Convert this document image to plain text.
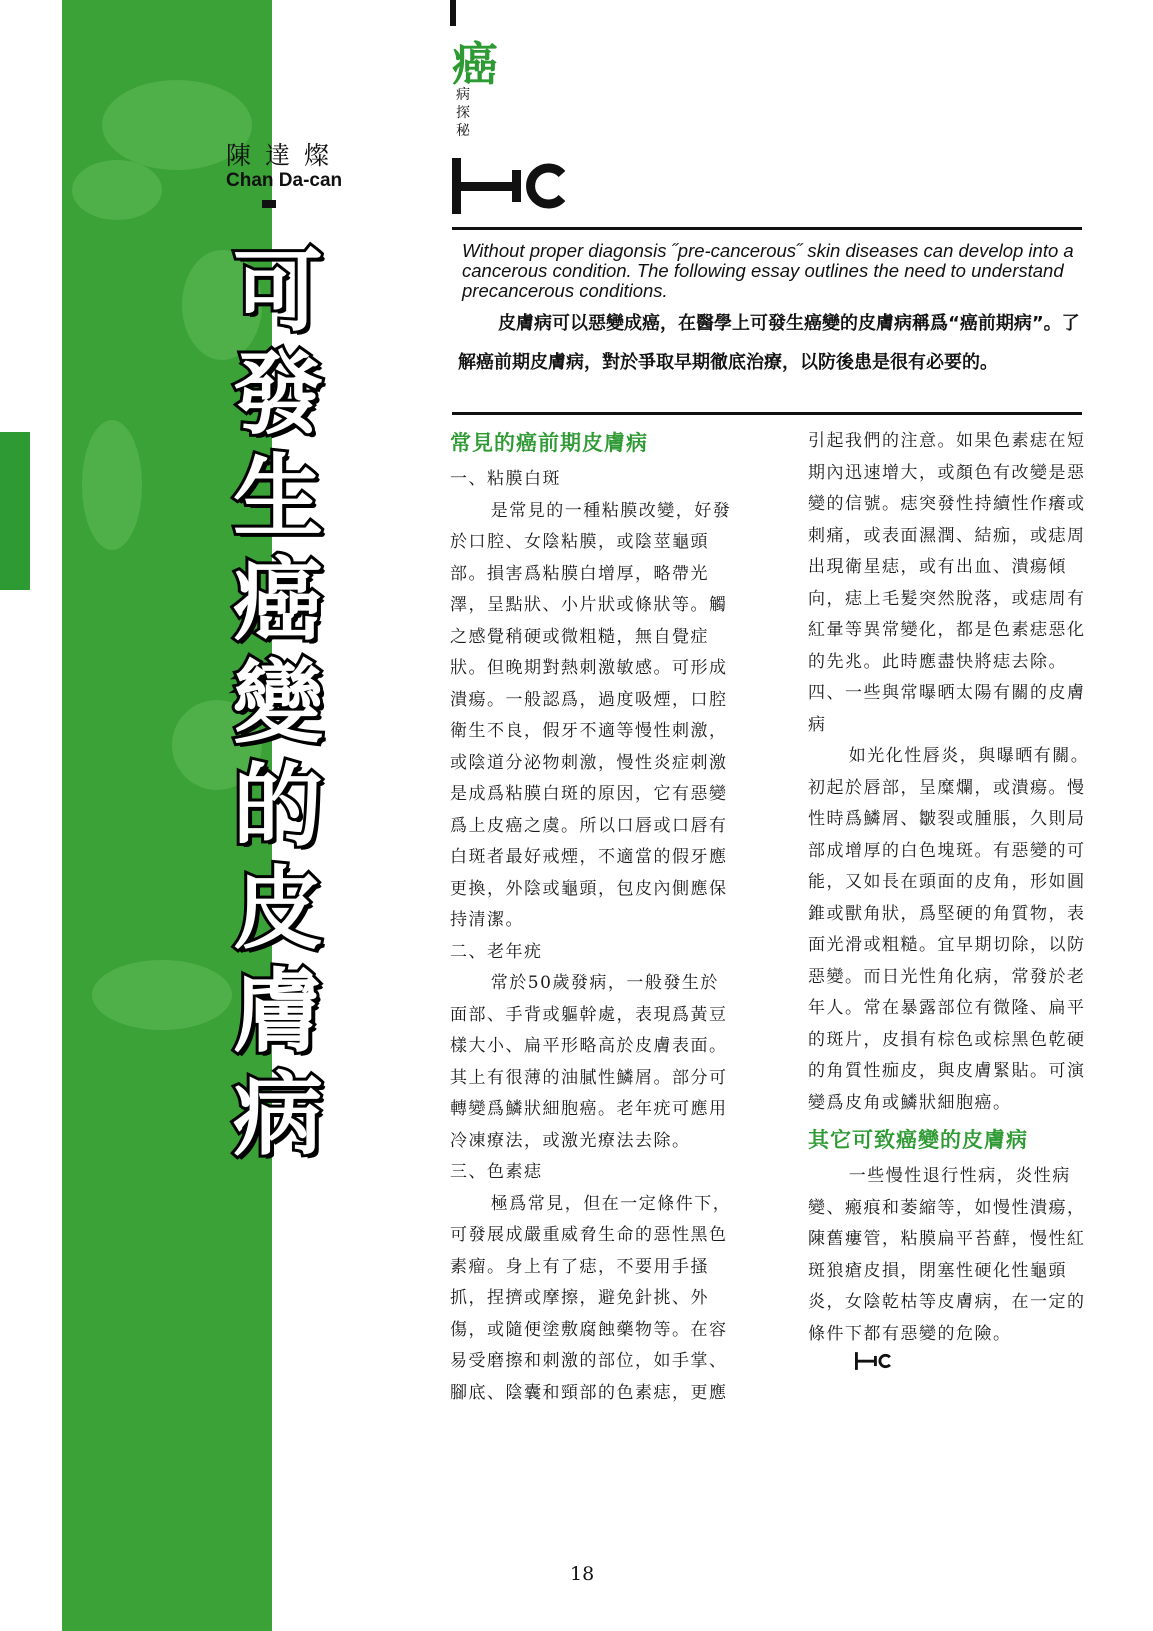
陳達燦
Chan Da-can
可
發
生
癌
變
的
皮
膚
病
癌
病
探
秘
Without proper diagonsis ˝pre-cancerous˝ skin diseases can develop into a cancerous condition. The following essay outlines the need to understand precancerous conditions.
皮膚病可以惡變成癌，在醫學上可發生癌變的皮膚病稱爲“癌前期病”。了解癌前期皮膚病，對於爭取早期徹底治療，以防後患是很有必要的。
常見的癌前期皮膚病

一、粘膜白斑

是常見的一種粘膜改變，好發於口腔、女陰粘膜，或陰莖龜頭部。損害爲粘膜白增厚，略帶光澤，呈點狀、小片狀或條狀等。觸之感覺稍硬或微粗糙，無自覺症狀。但晚期對熱刺激敏感。可形成潰瘍。一般認爲，過度吸煙，口腔衛生不良，假牙不適等慢性刺激，或陰道分泌物刺激，慢性炎症刺激是成爲粘膜白斑的原因，它有惡變爲上皮癌之虞。所以口唇或口唇有白斑者最好戒煙，不適當的假牙應更換，外陰或龜頭，包皮內側應保持清潔。

二、老年疣

常於50歲發病，一般發生於面部、手背或軀幹處，表現爲黃豆樣大小、扁平形略高於皮膚表面。其上有很薄的油膩性鱗屑。部分可轉變爲鱗狀細胞癌。老年疣可應用冷凍療法，或激光療法去除。

三、色素痣

極爲常見，但在一定條件下，可發展成嚴重威脅生命的惡性黑色素瘤。身上有了痣，不要用手搔抓，捏擠或摩擦，避免針挑、外傷，或隨便塗敷腐蝕藥物等。在容易受磨擦和刺激的部位，如手掌、腳底、陰囊和頸部的色素痣，更應

引起我們的注意。如果色素痣在短期內迅速增大，或顏色有改變是惡變的信號。痣突發性持續性作癢或刺痛，或表面濕潤、結痂，或痣周出現衛星痣，或有出血、潰瘍傾向，痣上毛髮突然脫落，或痣周有紅暈等異常變化，都是色素痣惡化的先兆。此時應盡快將痣去除。

四、一些與常曝晒太陽有關的皮膚病

如光化性唇炎，與曝晒有關。初起於唇部，呈糜爛，或潰瘍。慢性時爲鱗屑、皺裂或腫脹，久則局部成增厚的白色塊斑。有惡變的可能，又如長在頭面的皮角，形如圓錐或獸角狀，爲堅硬的角質物，表面光滑或粗糙。宜早期切除，以防惡變。而日光性角化病，常發於老年人。常在暴露部位有微隆、扁平的斑片，皮損有棕色或棕黑色乾硬的角質性痂皮，與皮膚緊貼。可演變爲皮角或鱗狀細胞癌。

其它可致癌變的皮膚病

一些慢性退行性病，炎性病變、瘢痕和萎縮等，如慢性潰瘍，陳舊瘻管，粘膜扁平苔蘚，慢性紅斑狼瘡皮損，閉塞性硬化性龜頭炎，女陰乾枯等皮膚病，在一定的條件下都有惡變的危險。

18
